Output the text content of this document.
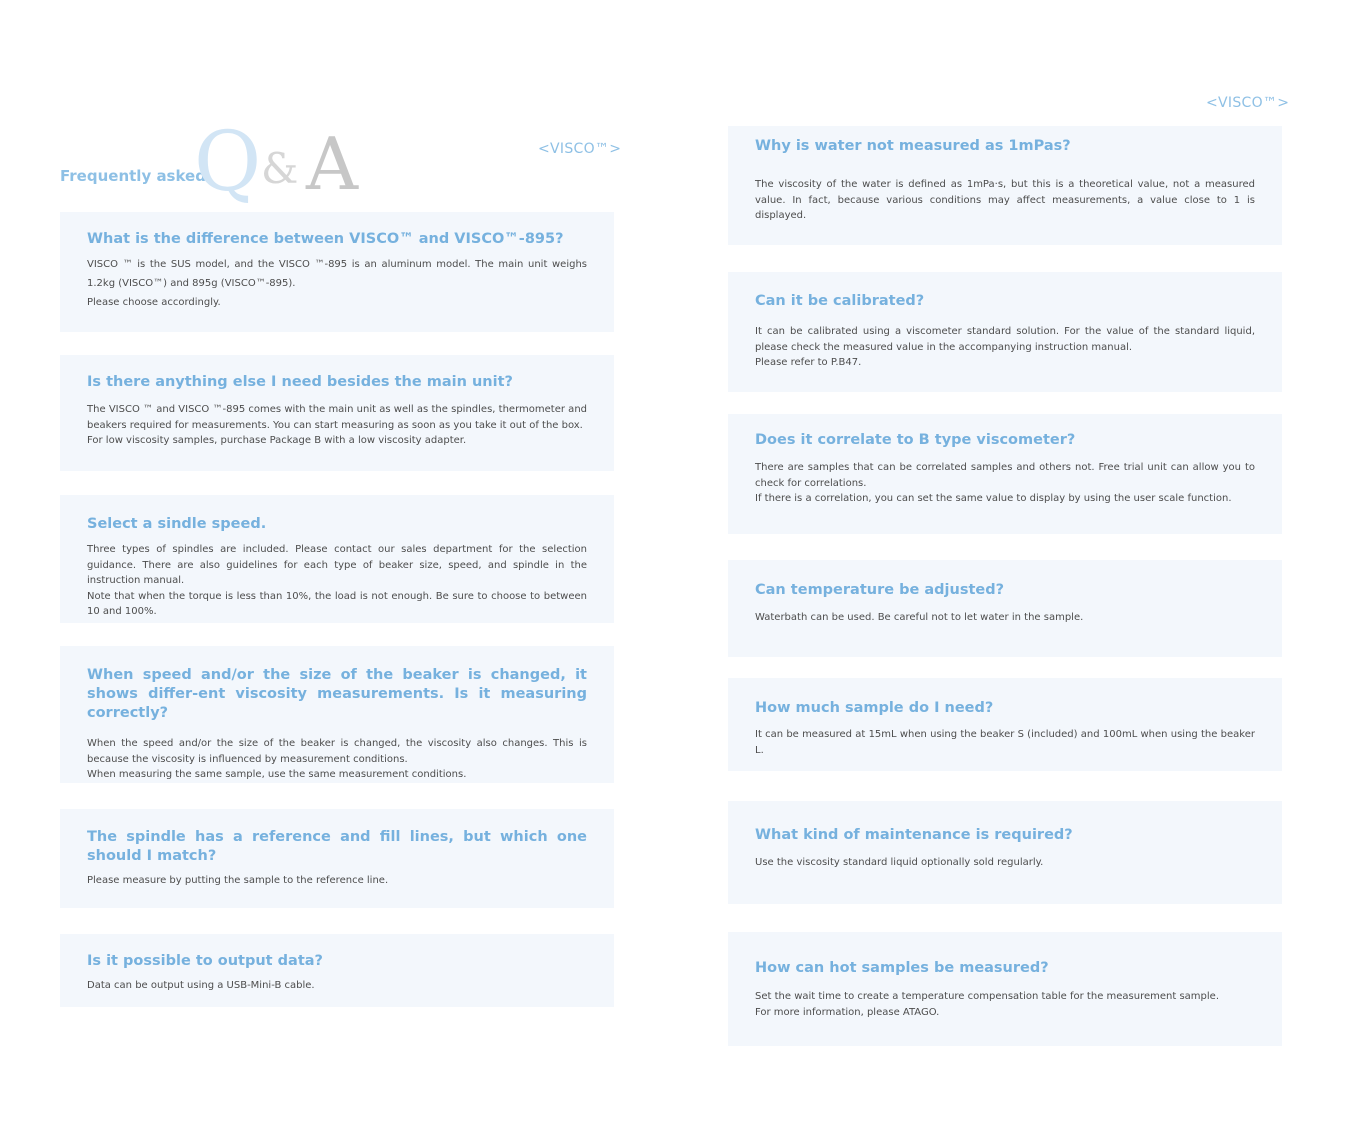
<VISCO™>
<VISCO™>
Frequently asked
Q & A
What is the difference between VISCO™ and VISCO™-895?

VISCO ™ is the SUS model, and the VISCO ™-895 is an aluminum model. The main unit weighs 1.2kg (VISCO™) and 895g (VISCO™-895).

Please choose accordingly.

Is there anything else I need besides the main unit?

The VISCO ™ and VISCO ™-895 comes with the main unit as well as the spindles, thermometer and beakers required for measurements. You can start measuring as soon as you take it out of the box.

For low viscosity samples, purchase Package B with a low viscosity adapter.

Select a sindle speed.

Three types of spindles are included. Please contact our sales department for the selection guidance. There are also guidelines for each type of beaker size, speed, and spindle in the instruction manual.

Note that when the torque is less than 10%, the load is not enough. Be sure to choose to between 10 and 100%.

When speed and/or the size of the beaker is changed, it shows differ-ent viscosity measurements. Is it measuring correctly?

When the speed and/or the size of the beaker is changed, the viscosity also changes. This is because the viscosity is influenced by measurement conditions.

When measuring the same sample, use the same measurement conditions.

The spindle has a reference and fill lines, but which one should I match?

Please measure by putting the sample to the reference line.

Is it possible to output data?

Data can be output using a USB-Mini-B cable.

Why is water not measured as 1mPas?

The viscosity of the water is defined as 1mPa·s, but this is a theoretical value, not a measured value. In fact, because various conditions may affect measurements, a value close to 1 is displayed.

Can it be calibrated?

It can be calibrated using a viscometer standard solution. For the value of the standard liquid, please check the measured value in the accompanying instruction manual.

Please refer to P.B47.

Does it correlate to B type viscometer?

There are samples that can be correlated samples and others not. Free trial unit can allow you to check for correlations.

If there is a correlation, you can set the same value to display by using the user scale function.

Can temperature be adjusted?

Waterbath can be used. Be careful not to let water in the sample.

How much sample do I need?

It can be measured at 15mL when using the beaker S (included) and 100mL when using the beaker L.

What kind of maintenance is required?

Use the viscosity standard liquid optionally sold regularly.

How can hot samples be measured?

Set the wait time to create a temperature compensation table for the measurement sample.

For more information, please ATAGO.
